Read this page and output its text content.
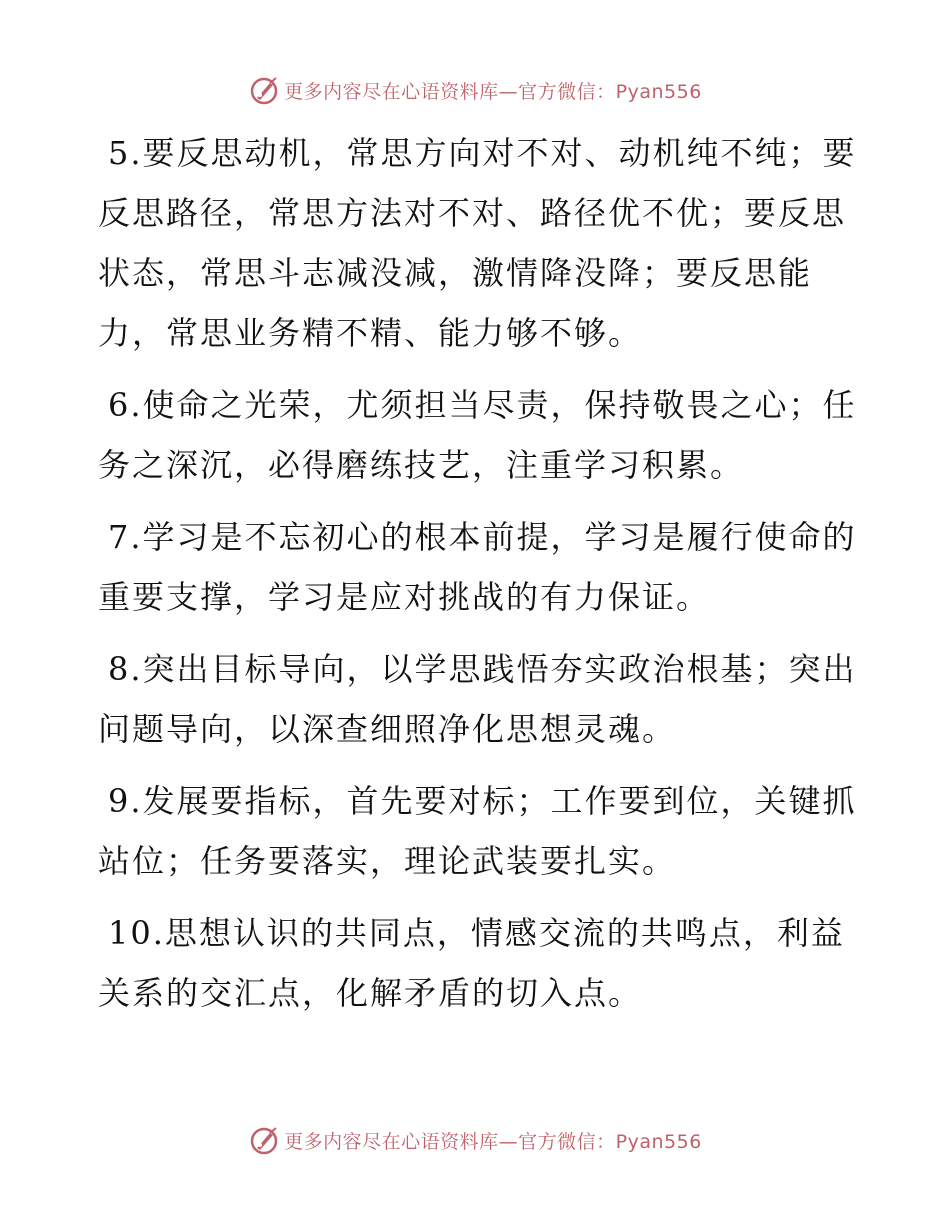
更多内容尽在心语资料库—官方微信：Pyan556

5.要反思动机，常思方向对不对、动机纯不纯；要反思路径，常思方法对不对、路径优不优；要反思状态，常思斗志减没减，激情降没降；要反思能力，常思业务精不精、能力够不够。

6.使命之光荣，尤须担当尽责，保持敬畏之心；任务之深沉，必得磨练技艺，注重学习积累。

7.学习是不忘初心的根本前提，学习是履行使命的重要支撑，学习是应对挑战的有力保证。

8.突出目标导向，以学思践悟夯实政治根基；突出问题导向，以深查细照净化思想灵魂。

9.发展要指标，首先要对标；工作要到位，关键抓站位；任务要落实，理论武装要扎实。

10.思想认识的共同点，情感交流的共鸣点，利益关系的交汇点，化解矛盾的切入点。

更多内容尽在心语资料库—官方微信：Pyan556
